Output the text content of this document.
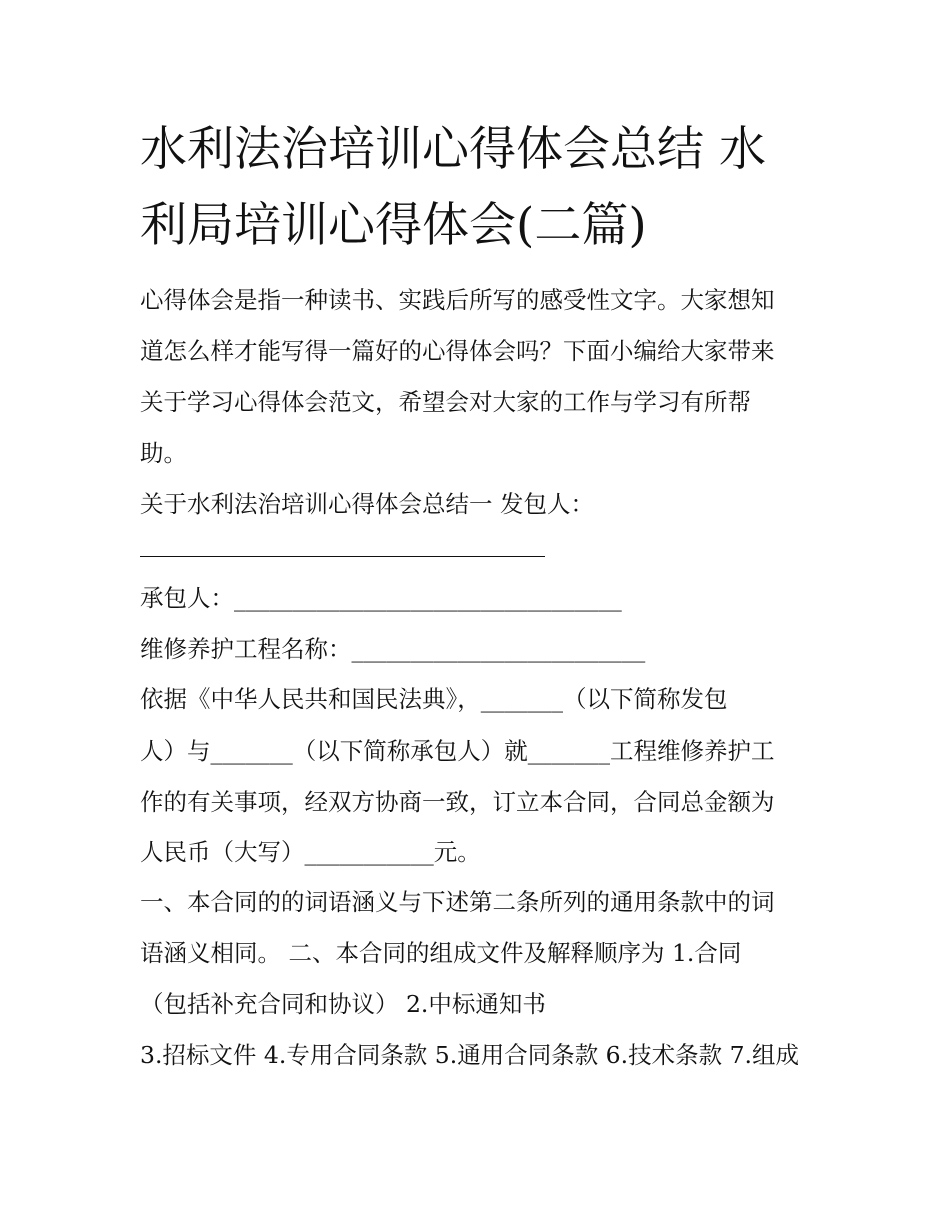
水利法治培训心得体会总结 水
利局培训心得体会(二篇)

心得体会是指一种读书、实践后所写的感受性文字。大家想知

道怎么样才能写得一篇好的心得体会吗？下面小编给大家带来

关于学习心得体会范文，希望会对大家的工作与学习有所帮

助。

关于水利法治培训心得体会总结一 发包人：

承包人：_________________________________

维修养护工程名称：_________________________

依据《中华人民共和国民法典》，_______（以下简称发包

人）与_______（以下简称承包人）就_______工程维修养护工

作的有关事项，经双方协商一致，订立本合同，合同总金额为

人民币（大写）___________元。

一、本合同的的词语涵义与下述第二条所列的通用条款中的词

语涵义相同。 二、本合同的组成文件及解释顺序为 1.合同

（包括补充合同和协议） 2.中标通知书

3.招标文件 4.专用合同条款 5.通用合同条款 6.技术条款 7.组成
